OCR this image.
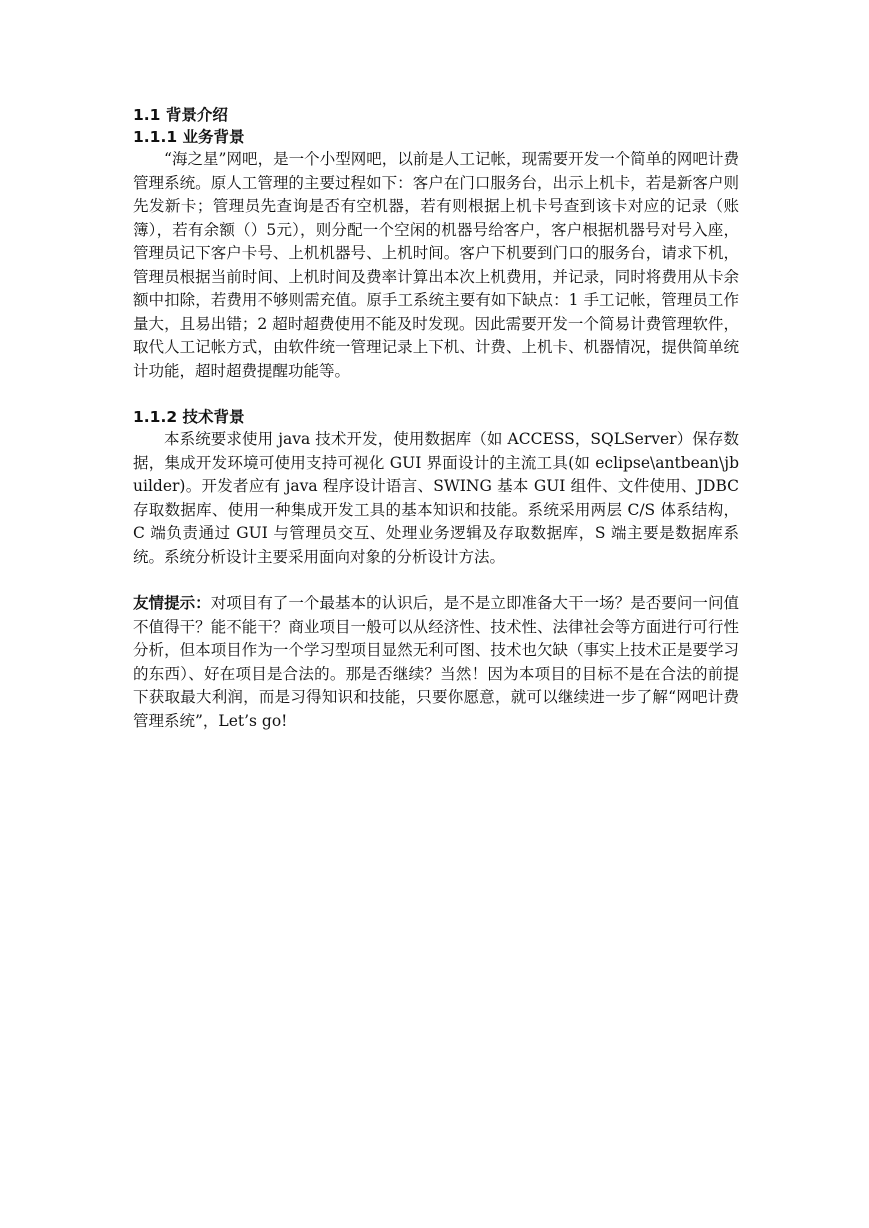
1.1 背景介绍
1.1.1 业务背景

“海之星”网吧，是一个小型网吧，以前是人工记帐，现需要开发一个简单的网吧计费管理系统。原人工管理的主要过程如下：客户在门口服务台，出示上机卡，若是新客户则先发新卡；管理员先查询是否有空机器，若有则根据上机卡号查到该卡对应的记录（账簿），若有余额（）5元），则分配一个空闲的机器号给客户，客户根据机器号对号入座，管理员记下客户卡号、上机机器号、上机时间。客户下机要到门口的服务台，请求下机，管理员根据当前时间、上机时间及费率计算出本次上机费用，并记录，同时将费用从卡余额中扣除，若费用不够则需充值。原手工系统主要有如下缺点：1 手工记帐，管理员工作量大，且易出错；2 超时超费使用不能及时发现。因此需要开发一个简易计费管理软件，取代人工记帐方式，由软件统一管理记录上下机、计费、上机卡、机器情况，提供简单统计功能，超时超费提醒功能等。

1.1.2 技术背景

本系统要求使用 java 技术开发，使用数据库（如 ACCESS，SQLServer）保存数据，集成开发环境可使用支持可视化 GUI 界面设计的主流工具(如 eclipse\antbean\jbuilder)。开发者应有 java 程序设计语言、SWING 基本 GUI 组件、文件使用、JDBC 存取数据库、使用一种集成开发工具的基本知识和技能。系统采用两层 C/S 体系结构，C 端负责通过 GUI 与管理员交互、处理业务逻辑及存取数据库，S 端主要是数据库系统。系统分析设计主要采用面向对象的分析设计方法。

友情提示：对项目有了一个最基本的认识后，是不是立即准备大干一场？是否要问一问值不值得干？能不能干？商业项目一般可以从经济性、技术性、法律社会等方面进行可行性分析，但本项目作为一个学习型项目显然无利可图、技术也欠缺（事实上技术正是要学习的东西）、好在项目是合法的。那是否继续？当然！因为本项目的目标不是在合法的前提下获取最大利润，而是习得知识和技能，只要你愿意，就可以继续进一步了解“网吧计费管理系统”，Let’s go!
